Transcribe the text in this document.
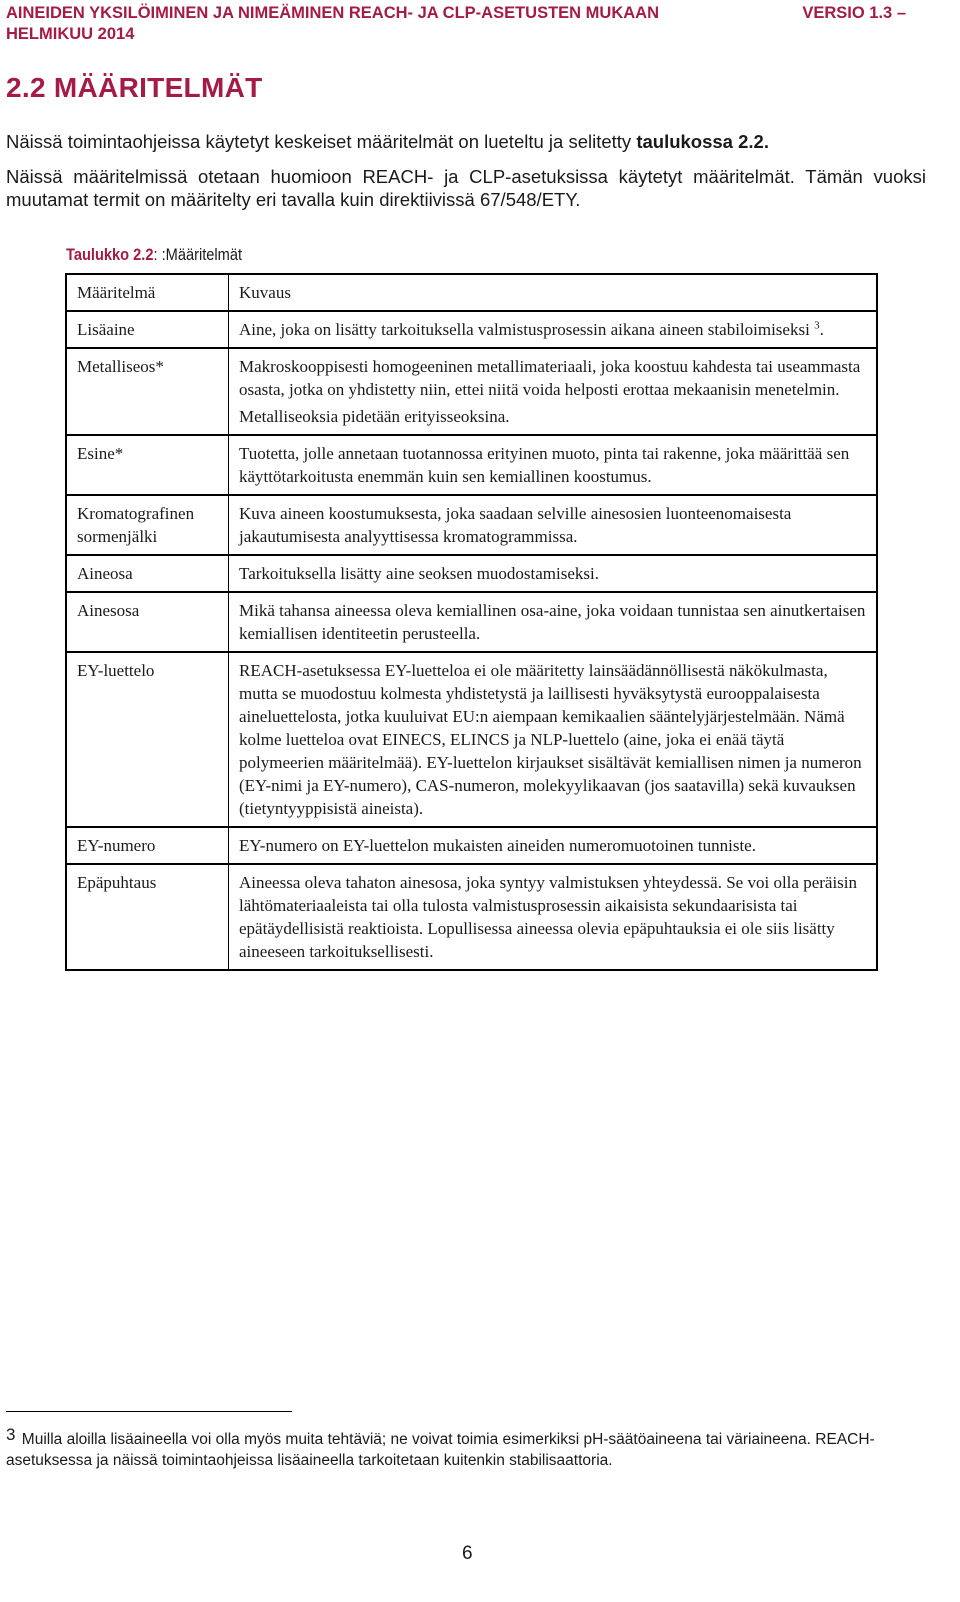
AINEIDEN YKSILÖIMINEN JA NIMEÄMINEN REACH- JA CLP-ASETUSTEN MUKAAN	VERSIO 1.3 –
HELMIKUU 2014
2.2 MÄÄRITELMÄT

Näissä toimintaohjeissa käytetyt keskeiset määritelmät on lueteltu ja selitetty taulukossa 2.2.

Näissä määritelmissä otetaan huomioon REACH- ja CLP-asetuksissa käytetyt määritelmät. Tämän vuoksi muutamat termit on määritelty eri tavalla kuin direktiivissä 67/548/ETY.

Taulukko 2.2: :Määritelmät
Määritelmä	Kuvaus
Lisäaine	Aine, joka on lisätty tarkoituksella valmistusprosessin aikana aineen stabiloimiseksi $^3$.
Metalliseos*	Makroskooppisesti homogeeninen metallimateriaali, joka koostuu kahdesta tai useammasta osasta, jotka on yhdistetty niin, ettei niitä voida helposti erottaa mekaanisin menetelmin.

Metalliseoksia pidetään erityisseoksina.

Esine*	Tuotetta, jolle annetaan tuotannossa erityinen muoto, pinta tai rakenne, joka määrittää sen käyttötarkoitusta enemmän kuin sen kemiallinen koostumus.
Kromatografinen sormenjälki	Kuva aineen koostumuksesta, joka saadaan selville ainesosien luonteenomaisesta jakautumisesta analyyttisessa kromatogrammissa.
Aineosa	Tarkoituksella lisätty aine seoksen muodostamiseksi.
Ainesosa	Mikä tahansa aineessa oleva kemiallinen osa-aine, joka voidaan tunnistaa sen ainutkertaisen kemiallisen identiteetin perusteella.
EY-luettelo	REACH-asetuksessa EY-luetteloa ei ole määritetty lainsäädännöllisestä näkökulmasta, mutta se muodostuu kolmesta yhdistetystä ja laillisesti hyväksytystä eurooppalaisesta aineluettelosta, jotka kuuluivat EU:n aiempaan kemikaalien sääntelyjärjestelmään. Nämä kolme luetteloa ovat EINECS, ELINCS ja NLP-luettelo (aine, joka ei enää täytä polymeerien määritelmää). EY-luettelon kirjaukset sisältävät kemiallisen nimen ja numeron (EY-nimi ja EY-numero), CAS-numeron, molekyylikaavan (jos saatavilla) sekä kuvauksen (tietyntyyppisistä aineista).
EY-numero	EY-numero on EY-luettelon mukaisten aineiden numeromuotoinen tunniste.
Epäpuhtaus	Aineessa oleva tahaton ainesosa, joka syntyy valmistuksen yhteydessä. Se voi olla peräisin lähtömateriaaleista tai olla tulosta valmistusprosessin aikaisista sekundaarisista tai epätäydellisistä reaktioista. Lopullisessa aineessa olevia epäpuhtauksia ei ole siis lisätty aineeseen tarkoituksellisesti.
3 Muilla aloilla lisäaineella voi olla myös muita tehtäviä; ne voivat toimia esimerkiksi pH-säätöaineena tai väriaineena. REACH-asetuksessa ja näissä toimintaohjeissa lisäaineella tarkoitetaan kuitenkin stabilisaattoria.
6
